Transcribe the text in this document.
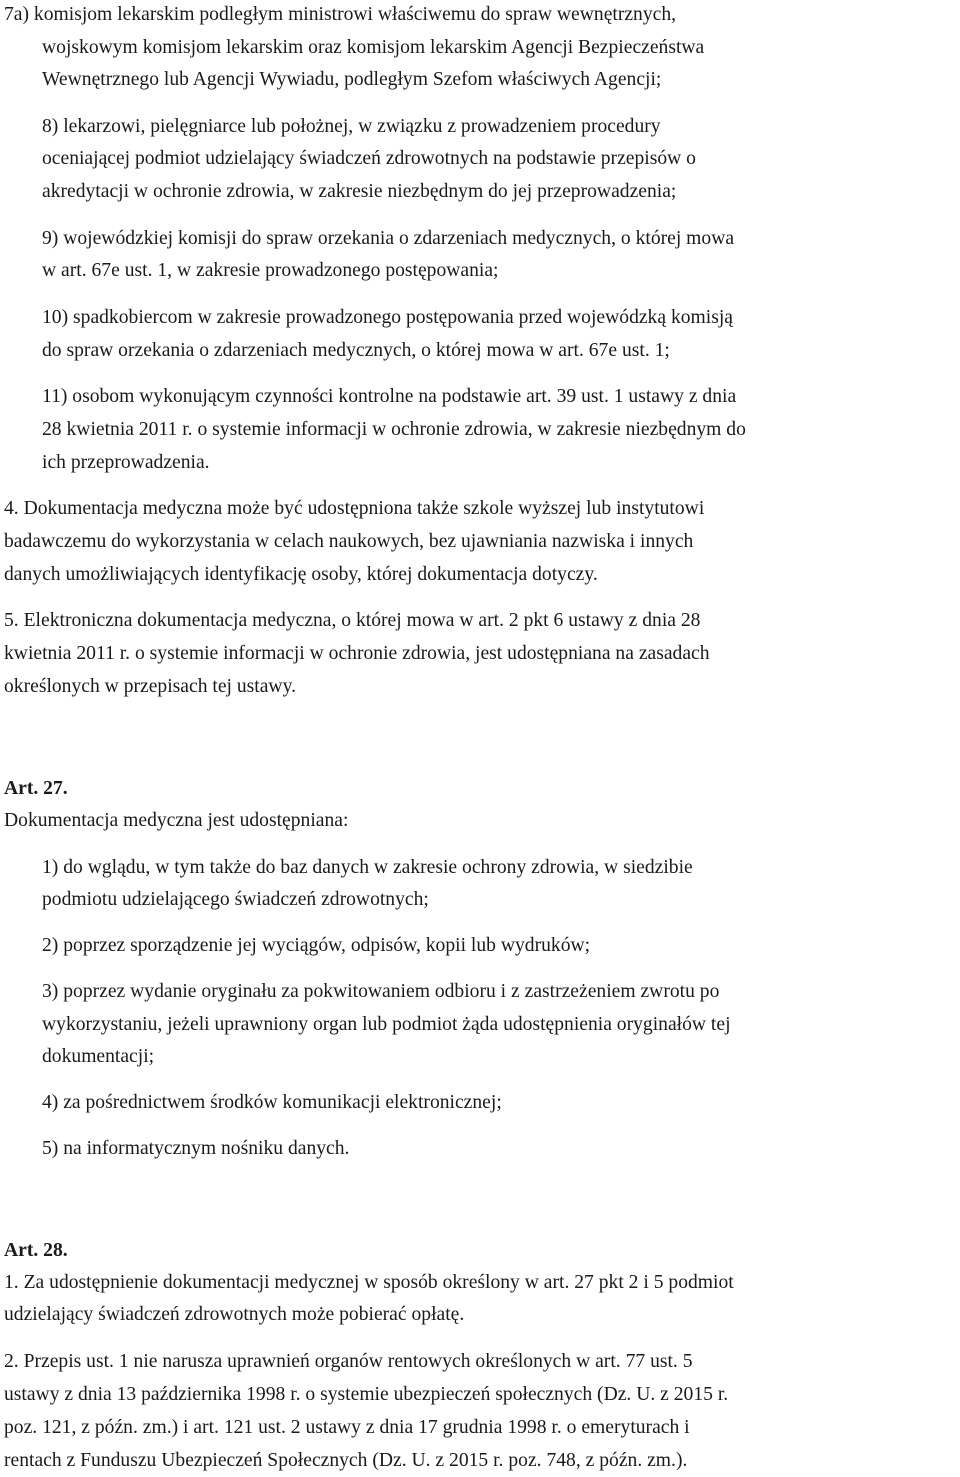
7a) komisjom lekarskim podległym ministrowi właściwemu do spraw wewnętrznych,
wojskowym komisjom lekarskim oraz komisjom lekarskim Agencji Bezpieczeństwa
Wewnętrznego lub Agencji Wywiadu, podległym Szefom właściwych Agencji;
8) lekarzowi, pielęgniarce lub położnej, w związku z prowadzeniem procedury
oceniającej podmiot udzielający świadczeń zdrowotnych na podstawie przepisów o
akredytacji w ochronie zdrowia, w zakresie niezbędnym do jej przeprowadzenia;
9) wojewódzkiej komisji do spraw orzekania o zdarzeniach medycznych, o której mowa
w art. 67e ust. 1, w zakresie prowadzonego postępowania;
10) spadkobiercom w zakresie prowadzonego postępowania przed wojewódzką komisją
do spraw orzekania o zdarzeniach medycznych, o której mowa w art. 67e ust. 1;
11) osobom wykonującym czynności kontrolne na podstawie art. 39 ust. 1 ustawy z dnia
28 kwietnia 2011 r. o systemie informacji w ochronie zdrowia, w zakresie niezbędnym do
ich przeprowadzenia.
4. Dokumentacja medyczna może być udostępniona także szkole wyższej lub instytutowi
badawczemu do wykorzystania w celach naukowych, bez ujawniania nazwiska i innych
danych umożliwiających identyfikację osoby, której dokumentacja dotyczy.
5. Elektroniczna dokumentacja medyczna, o której mowa w art. 2 pkt 6 ustawy z dnia 28
kwietnia 2011 r. o systemie informacji w ochronie zdrowia, jest udostępniana na zasadach
określonych w przepisach tej ustawy.
Art. 27.
Dokumentacja medyczna jest udostępniana:
1) do wglądu, w tym także do baz danych w zakresie ochrony zdrowia, w siedzibie
podmiotu udzielającego świadczeń zdrowotnych;
2) poprzez sporządzenie jej wyciągów, odpisów, kopii lub wydruków;
3) poprzez wydanie oryginału za pokwitowaniem odbioru i z zastrzeżeniem zwrotu po
wykorzystaniu, jeżeli uprawniony organ lub podmiot żąda udostępnienia oryginałów tej
dokumentacji;
4) za pośrednictwem środków komunikacji elektronicznej;
5) na informatycznym nośniku danych.
Art. 28.
1. Za udostępnienie dokumentacji medycznej w sposób określony w art. 27 pkt 2 i 5 podmiot
udzielający świadczeń zdrowotnych może pobierać opłatę.
2. Przepis ust. 1 nie narusza uprawnień organów rentowych określonych w art. 77 ust. 5
ustawy z dnia 13 października 1998 r. o systemie ubezpieczeń społecznych (Dz. U. z 2015 r.
poz. 121, z późn. zm.) i art. 121 ust. 2 ustawy z dnia 17 grudnia 1998 r. o emeryturach i
rentach z Funduszu Ubezpieczeń Społecznych (Dz. U. z 2015 r. poz. 748, z późn. zm.).
